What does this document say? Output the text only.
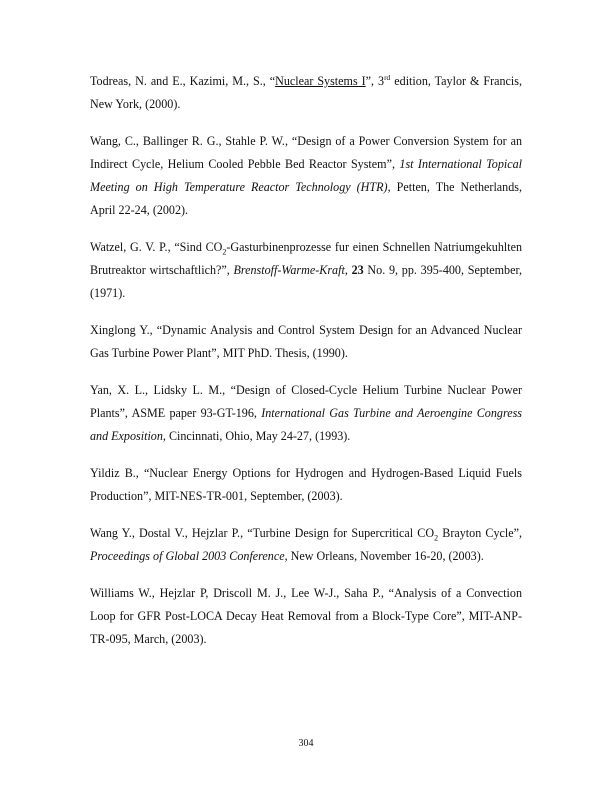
Todreas, N. and E., Kazimi, M., S., “Nuclear Systems I”, 3rd edition, Taylor & Francis, New York, (2000).

Wang, C., Ballinger R. G., Stahle P. W., “Design of a Power Conversion System for an Indirect Cycle, Helium Cooled Pebble Bed Reactor System”, 1st International Topical Meeting on High Temperature Reactor Technology (HTR), Petten, The Netherlands, April 22-24, (2002).

Watzel, G. V. P., “Sind $CO_2$-Gasturbinenprozesse fur einen Schnellen Natriumgekuhlten Brutreaktor wirtschaftlich?”, Brenstoff-Warme-Kraft, 23 No. 9, pp. 395-400, September, (1971).

Xinglong Y., “Dynamic Analysis and Control System Design for an Advanced Nuclear Gas Turbine Power Plant”, MIT PhD. Thesis, (1990).

Yan, X. L., Lidsky L. M., “Design of Closed-Cycle Helium Turbine Nuclear Power Plants”, ASME paper 93-GT-196, International Gas Turbine and Aeroengine Congress and Exposition, Cincinnati, Ohio, May 24-27, (1993).

Yildiz B., “Nuclear Energy Options for Hydrogen and Hydrogen-Based Liquid Fuels Production”, MIT-NES-TR-001, September, (2003).

Wang Y., Dostal V., Hejzlar P., “Turbine Design for Supercritical $CO_2$ Brayton Cycle”, Proceedings of Global 2003 Conference, New Orleans, November 16-20, (2003).

Williams W., Hejzlar P, Driscoll M. J., Lee W-J., Saha P., “Analysis of a Convection Loop for GFR Post-LOCA Decay Heat Removal from a Block-Type Core”, MIT-ANP-TR-095, March, (2003).

304
